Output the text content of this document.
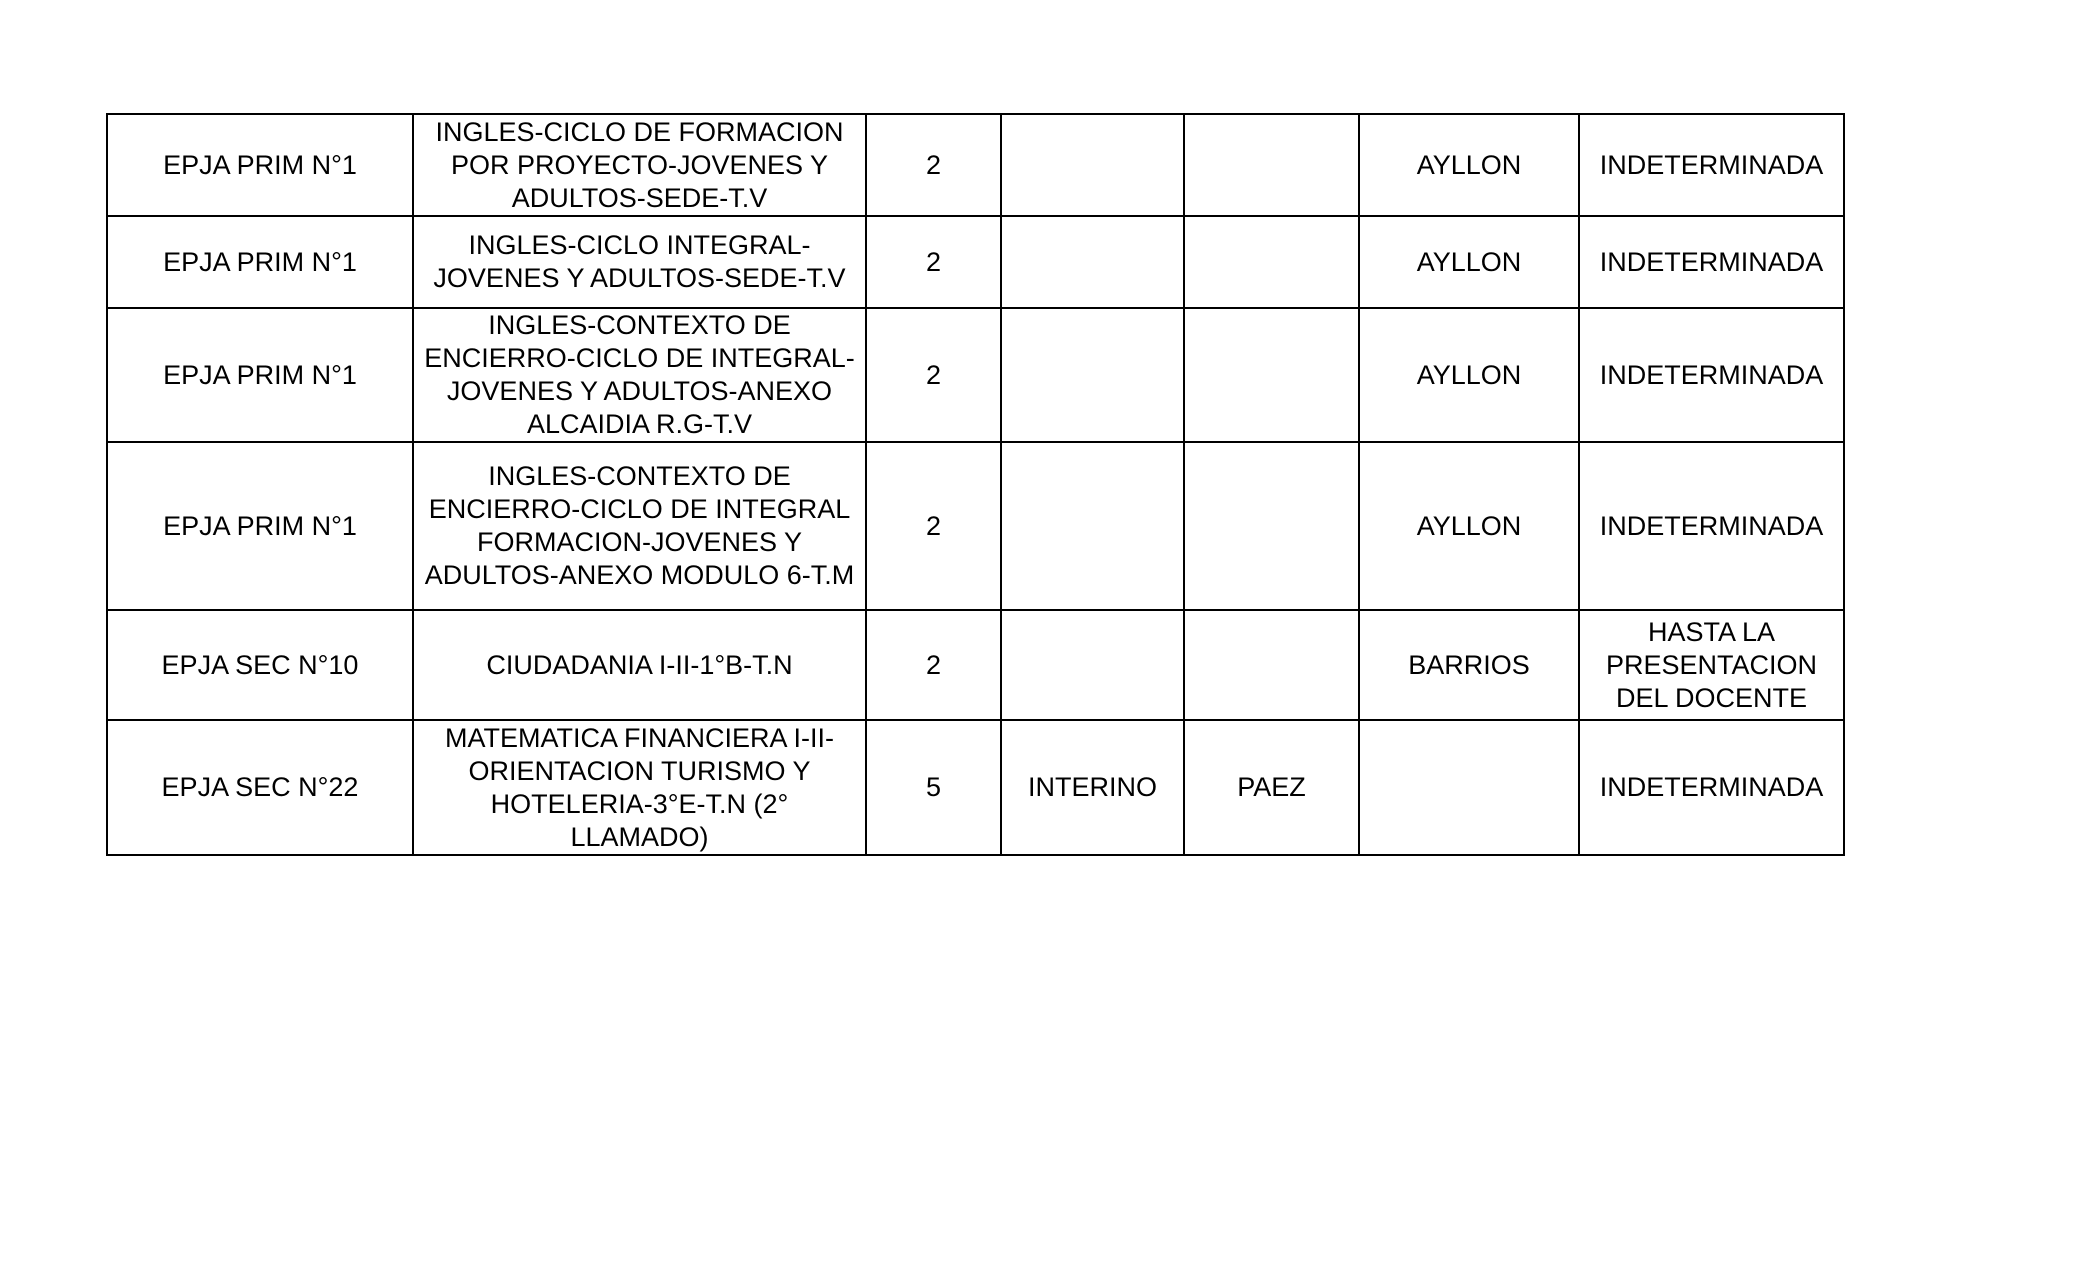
EPJA PRIM N°1	INGLES-CICLO DE FORMACION POR PROYECTO-JOVENES Y ADULTOS-SEDE-T.V	2			AYLLON	INDETERMINADA
EPJA PRIM N°1	INGLES-CICLO INTEGRAL-JOVENES Y ADULTOS-SEDE-T.V	2			AYLLON	INDETERMINADA
EPJA PRIM N°1	INGLES-CONTEXTO DE ENCIERRO-CICLO DE INTEGRAL-JOVENES Y ADULTOS-ANEXO ALCAIDIA R.G-T.V	2			AYLLON	INDETERMINADA
EPJA PRIM N°1	INGLES-CONTEXTO DE ENCIERRO-CICLO DE INTEGRAL FORMACION-JOVENES Y ADULTOS-ANEXO MODULO 6-T.M	2			AYLLON	INDETERMINADA
EPJA SEC N°10	CIUDADANIA I-II-1°B-T.N	2			BARRIOS	HASTA LA PRESENTACION DEL DOCENTE
EPJA SEC N°22	MATEMATICA FINANCIERA I-II-ORIENTACION TURISMO Y HOTELERIA-3°E-T.N (2° LLAMADO)	5	INTERINO	PAEZ		INDETERMINADA
